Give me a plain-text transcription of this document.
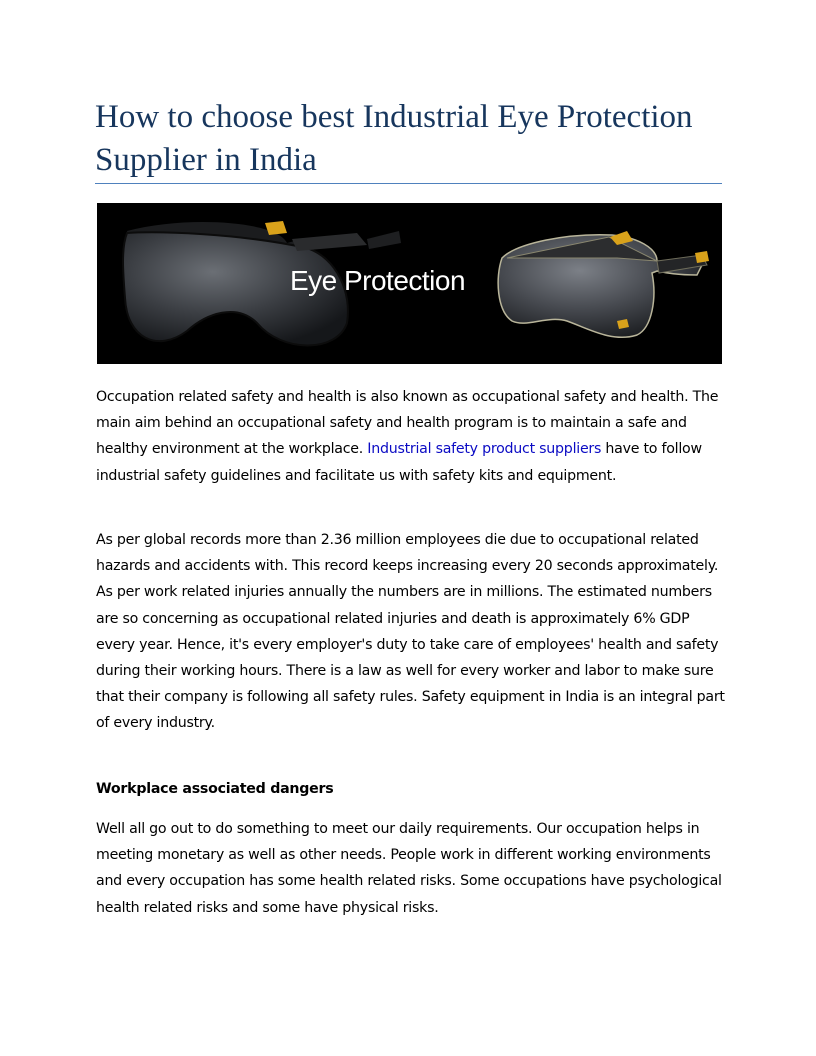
How to choose best Industrial Eye Protection Supplier in India
Eye Protection

Occupation related safety and health is also known as occupational safety and health. The main aim behind an occupational safety and health program is to maintain a safe and healthy environment at the workplace. Industrial safety product suppliers have to follow industrial safety guidelines and facilitate us with safety kits and equipment.

As per global records more than 2.36 million employees die due to occupational related hazards and accidents with. This record keeps increasing every 20 seconds approximately. As per work related injuries annually the numbers are in millions. The estimated numbers are so concerning as occupational related injuries and death is approximately 6% GDP every year. Hence, it's every employer's duty to take care of employees' health and safety during their working hours. There is a law as well for every worker and labor to make sure that their company is following all safety rules. Safety equipment in India is an integral part of every industry.

Workplace associated dangers

Well all go out to do something to meet our daily requirements. Our occupation helps in meeting monetary as well as other needs. People work in different working environments and every occupation has some health related risks. Some occupations have psychological health related risks and some have physical risks.
